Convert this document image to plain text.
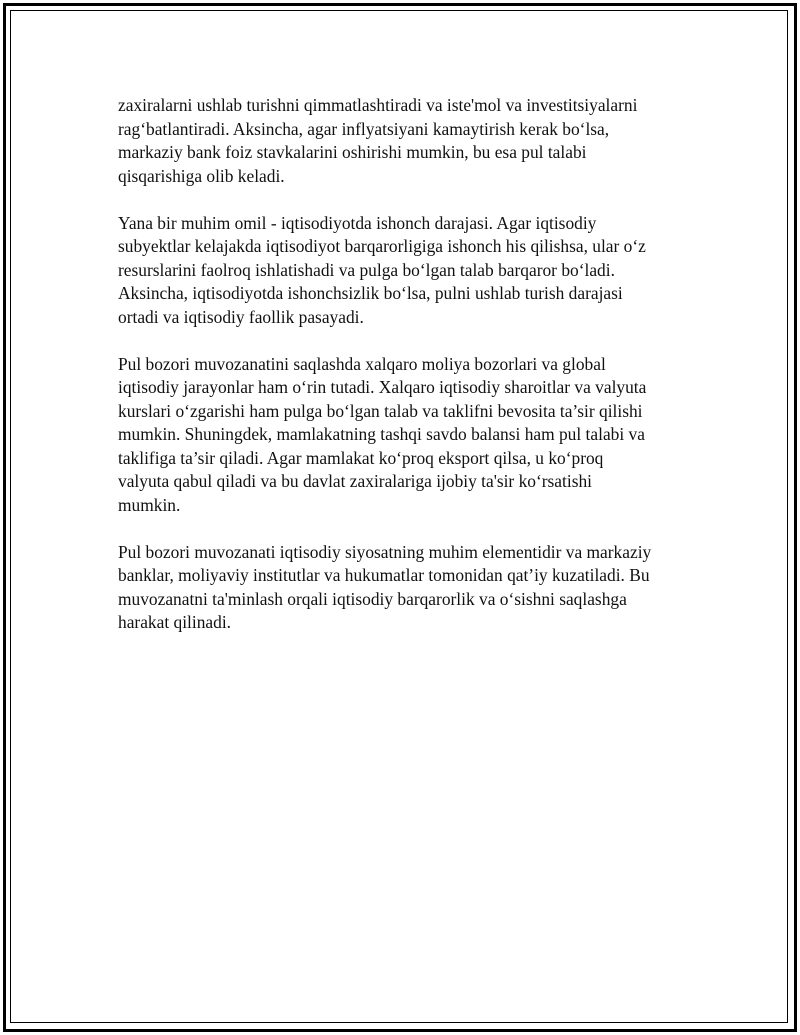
zaxiralarni ushlab turishni qimmatlashtiradi va iste'mol va investitsiyalarni
rag‘batlantiradi. Aksincha, agar inflyatsiyani kamaytirish kerak bo‘lsa,
markaziy bank foiz stavkalarini oshirishi mumkin, bu esa pul talabi
qisqarishiga olib keladi.

Yana bir muhim omil - iqtisodiyotda ishonch darajasi. Agar iqtisodiy
subyektlar kelajakda iqtisodiyot barqarorligiga ishonch his qilishsa, ular o‘z
resurslarini faolroq ishlatishadi va pulga bo‘lgan talab barqaror bo‘ladi.
Aksincha, iqtisodiyotda ishonchsizlik bo‘lsa, pulni ushlab turish darajasi
ortadi va iqtisodiy faollik pasayadi.

Pul bozori muvozanatini saqlashda xalqaro moliya bozorlari va global
iqtisodiy jarayonlar ham o‘rin tutadi. Xalqaro iqtisodiy sharoitlar va valyuta
kurslari o‘zgarishi ham pulga bo‘lgan talab va taklifni bevosita ta’sir qilishi
mumkin. Shuningdek, mamlakatning tashqi savdo balansi ham pul talabi va
taklifiga ta’sir qiladi. Agar mamlakat ko‘proq eksport qilsa, u ko‘proq
valyuta qabul qiladi va bu davlat zaxiralariga ijobiy ta'sir ko‘rsatishi
mumkin.

Pul bozori muvozanati iqtisodiy siyosatning muhim elementidir va markaziy
banklar, moliyaviy institutlar va hukumatlar tomonidan qat’iy kuzatiladi. Bu
muvozanatni ta'minlash orqali iqtisodiy barqarorlik va o‘sishni saqlashga
harakat qilinadi.
